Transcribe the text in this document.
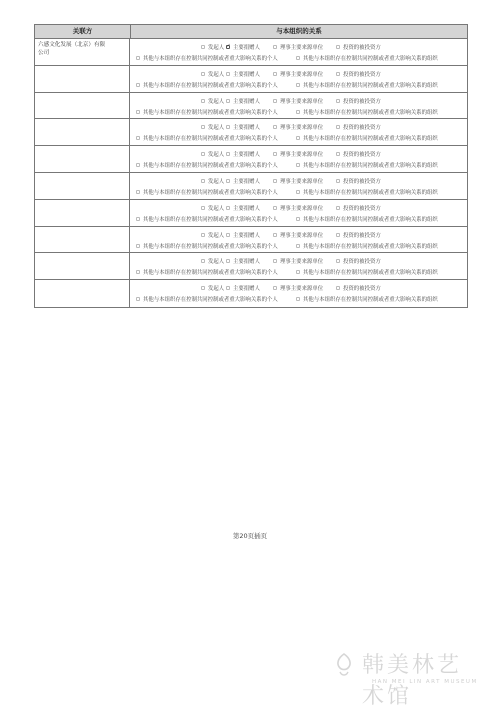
关联方	与本组织的关系
六感文化发展（北京）有限
公司
发起人
✓ 主要捐赠人	理事主要来源单位	投资的被投资方
其他与本组织存在控制共同控制或者重大影响关系的个人	其他与本组织存在控制共同控制或者重大影响关系的组织
发起人 主要捐赠人	理事主要来源单位	投资的被投资方
其他与本组织存在控制共同控制或者重大影响关系的个人	其他与本组织存在控制共同控制或者重大影响关系的组织
发起人 主要捐赠人	理事主要来源单位	投资的被投资方
其他与本组织存在控制共同控制或者重大影响关系的个人	其他与本组织存在控制共同控制或者重大影响关系的组织
发起人 主要捐赠人	理事主要来源单位	投资的被投资方
其他与本组织存在控制共同控制或者重大影响关系的个人	其他与本组织存在控制共同控制或者重大影响关系的组织
发起人 主要捐赠人	理事主要来源单位	投资的被投资方
其他与本组织存在控制共同控制或者重大影响关系的个人	其他与本组织存在控制共同控制或者重大影响关系的组织
发起人 主要捐赠人	理事主要来源单位	投资的被投资方
其他与本组织存在控制共同控制或者重大影响关系的个人	其他与本组织存在控制共同控制或者重大影响关系的组织
发起人 主要捐赠人	理事主要来源单位	投资的被投资方
其他与本组织存在控制共同控制或者重大影响关系的个人	其他与本组织存在控制共同控制或者重大影响关系的组织
发起人 主要捐赠人	理事主要来源单位	投资的被投资方
其他与本组织存在控制共同控制或者重大影响关系的个人	其他与本组织存在控制共同控制或者重大影响关系的组织
发起人 主要捐赠人	理事主要来源单位	投资的被投资方
其他与本组织存在控制共同控制或者重大影响关系的个人	其他与本组织存在控制共同控制或者重大影响关系的组织
发起人 主要捐赠人	理事主要来源单位	投资的被投资方
其他与本组织存在控制共同控制或者重大影响关系的个人	其他与本组织存在控制共同控制或者重大影响关系的组织
第20页插页
韩美林艺术馆
HAN MEI LIN ART MUSEUM
